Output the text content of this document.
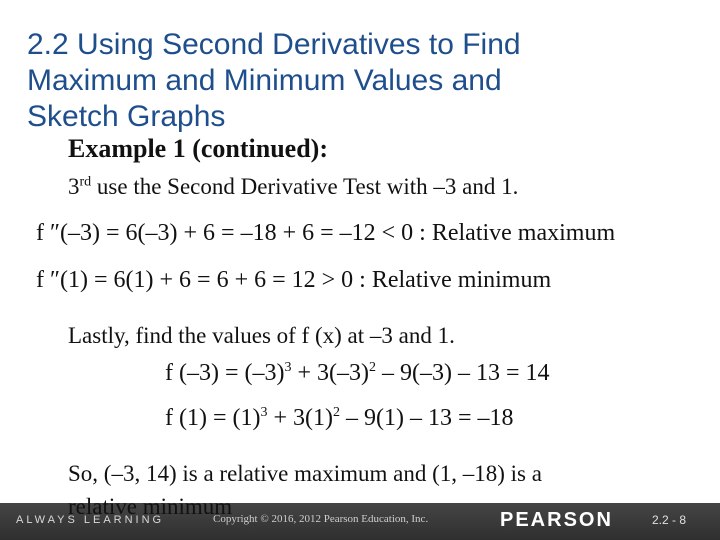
2.2 Using Second Derivatives to Find
Maximum and Minimum Values and
Sketch Graphs
Example 1 (continued):
3rd use the Second Derivative Test with –3 and 1.
f ″(–3) = 6(–3) + 6 = –18 + 6 = –12 < 0 : Relative maximum
f ″(1) = 6(1) + 6 = 6 + 6 = 12 > 0 : Relative minimum
Lastly, find the values of f (x) at –3 and 1.
f $(-3) = (-3)^3 + 3(-3)^2 - 9(-3) - 13 = 14$
f $(1) = (1)^3 + 3(1)^2 - 9(1) - 13 = -18$
So, (–3, 14) is a relative maximum and (1, –18) is a
ALWAYS LEARNING	Copyright © 2016, 2012 Pearson Education, Inc.	PEARSON	2.2 - 8
relative minimum
